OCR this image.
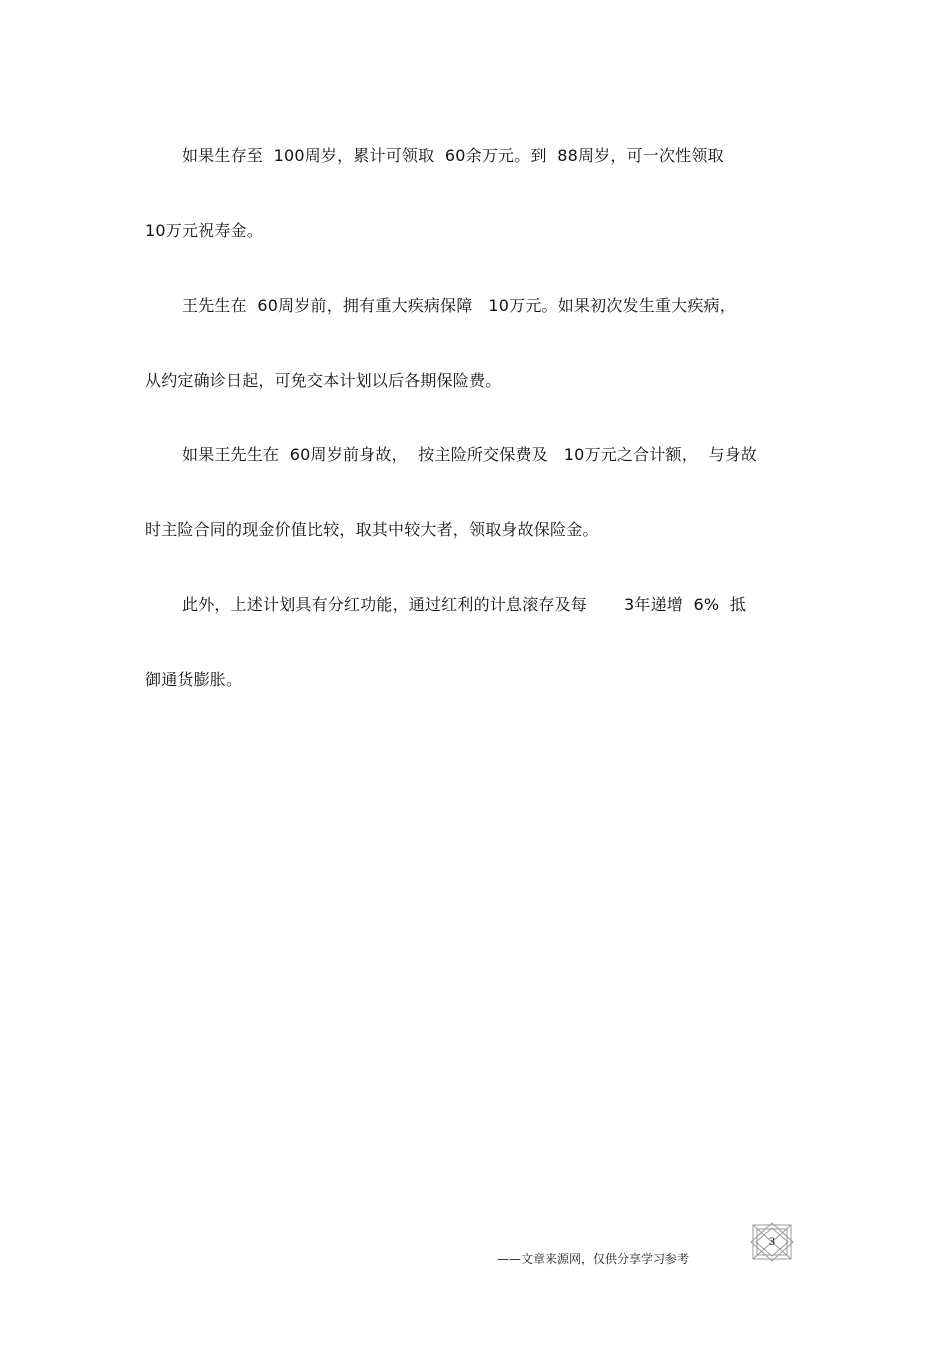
如果生存至  100周岁，累计可领取  60余万元。到  88周岁，可一次性领取
10万元祝寿金。
王先生在  60周岁前，拥有重大疾病保障   10万元。如果初次发生重大疾病，
从约定确诊日起，可免交本计划以后各期保险费。
如果王先生在  60周岁前身故，  按主险所交保费及   10万元之合计额，  与身故
时主险合同的现金价值比较，取其中较大者，领取身故保险金。
此外，上述计划具有分红功能，通过红利的计息滚存及每       3年递增  6%  抵
御通货膨胀。
——文章来源网，仅供分享学习参考
3
